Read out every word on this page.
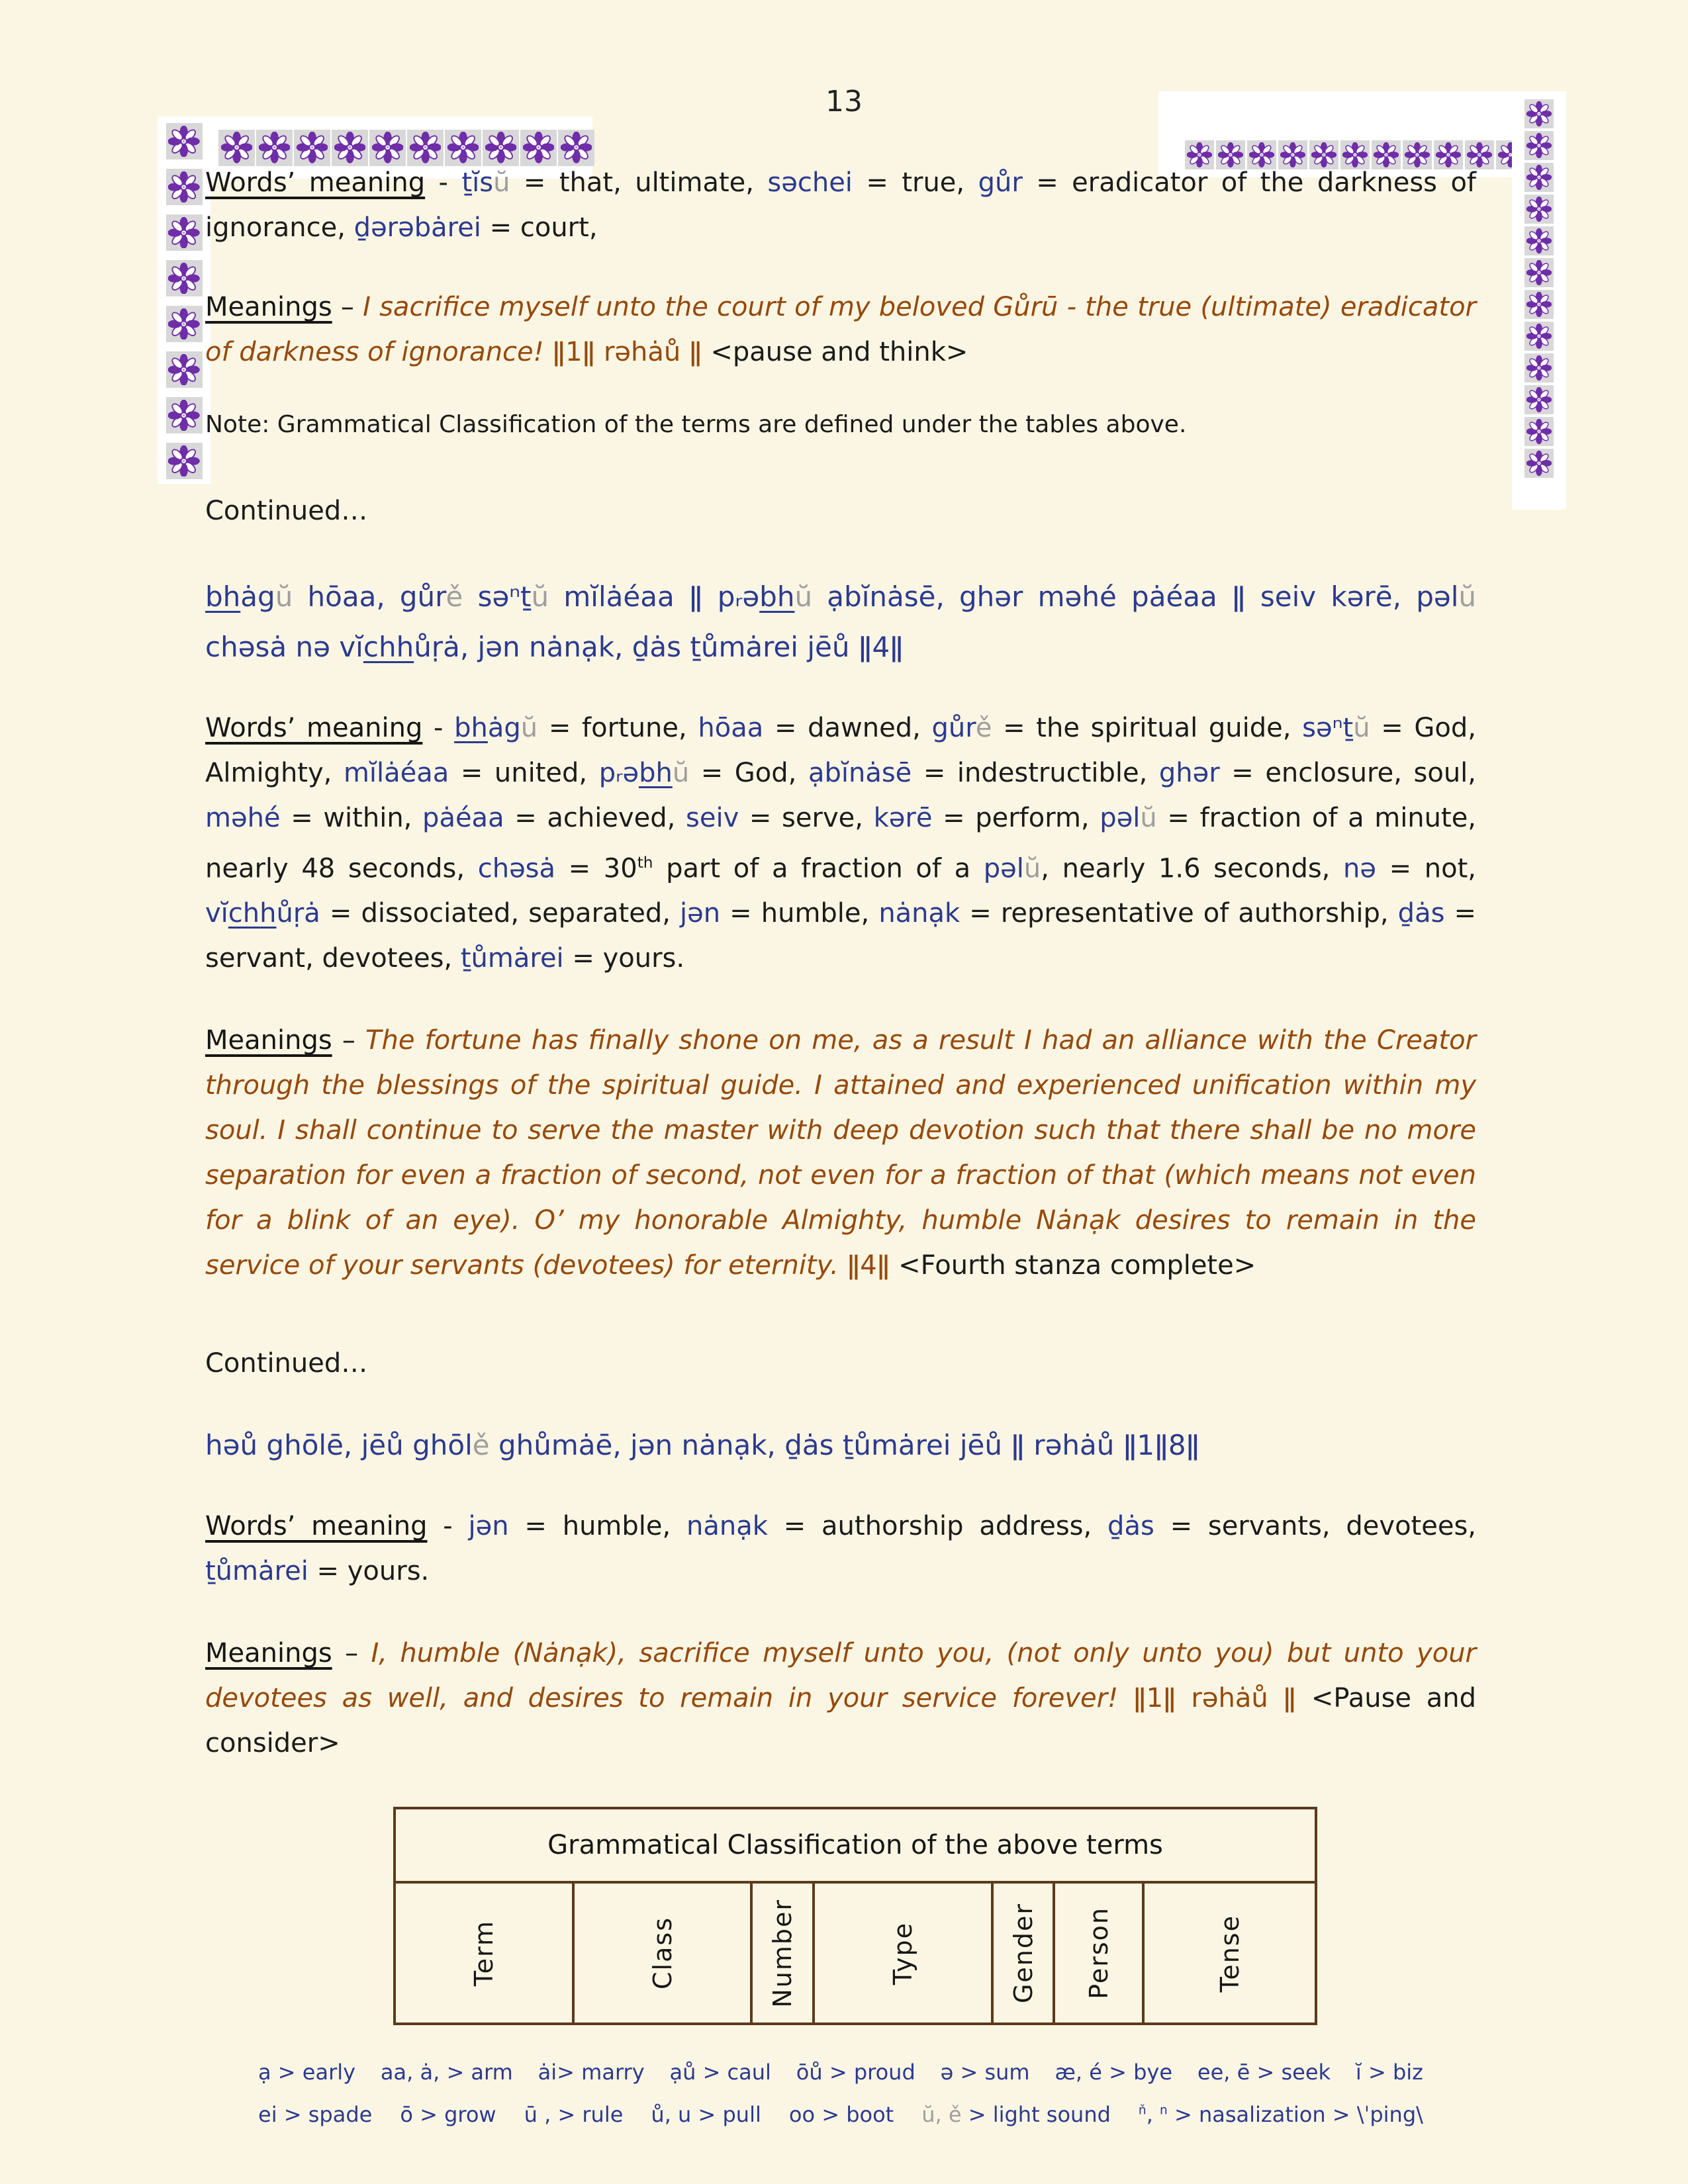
13

Words’ meaning - ṯĭsŭ = that, ultimate, səchei = true, gůr = eradicator of the darkness of ignorance, ḏərəbȧrei = court,

Meanings – I sacrifice myself unto the court of my beloved Gůrū - the true (ultimate) eradicator of darkness of ignorance! ǁ1ǁ rəhȧů ǁ <pause and think>

Note: Grammatical Classification of the terms are defined under the tables above.

Continued…

bhȧgŭ hōaa, gůrě səⁿṯŭ mĭlȧéaa ǁ pᵣəbhŭ ạbĭnȧsē, ghər məhé pȧéaa ǁ seiv kərē, pəlŭ chəsȧ nə vĭchhůṛȧ, jən nȧnạk, ḏȧs ṯůmȧrei jēů ǁ4ǁ

Words’ meaning - bhȧgŭ = fortune, hōaa = dawned, gůrě = the spiritual guide, səⁿṯŭ = God, Almighty, mĭlȧéaa = united, pᵣəbhŭ = God, ạbĭnȧsē = indestructible, ghər = enclosure, soul, məhé = within, pȧéaa = achieved, seiv = serve, kərē = perform, pəlŭ = fraction of a minute, nearly 48 seconds, chəsȧ = 30th part of a fraction of a pəlŭ, nearly 1.6 seconds, nə = not, vĭchhůṛȧ = dissociated, separated, jən = humble, nȧnạk = representative of authorship, ḏȧs = servant, devotees, ṯůmȧrei = yours.

Meanings – The fortune has finally shone on me, as a result I had an alliance with the Creator through the blessings of the spiritual guide. I attained and experienced unification within my soul. I shall continue to serve the master with deep devotion such that there shall be no more separation for even a fraction of second, not even for a fraction of that (which means not even for a blink of an eye). O’ my honorable Almighty, humble Nȧnạk desires to remain in the service of your servants (devotees) for eternity. ǁ4ǁ <Fourth stanza complete>

Continued…

həů ghōlē, jēů ghōlě ghůmȧē, jən nȧnạk, ḏȧs ṯůmȧrei jēů ǁ rəhȧů ǁ1ǁ8ǁ

Words’ meaning - jən = humble, nȧnạk = authorship address, ḏȧs = servants, devotees, ṯůmȧrei = yours.

Meanings – I, humble (Nȧnạk), sacrifice myself unto you, (not only unto you) but unto your devotees as well, and desires to remain in your service forever! ǁ1ǁ rəhȧů ǁ <Pause and consider>

Grammatical Classification of the above terms

Term	Class	Number	Type	Gender	Person	Tense
ạ > early aa, ȧ, > arm ȧi> marry ạů > caul ōů > proud ə > sum æ, é > bye ee, ē > seek ĭ > biz
ei > spade ō > grow ū , > rule ů, u > pull oo > boot ŭ, ě > light sound $^ň$, $^n$ > nasalization > \ˈping\
